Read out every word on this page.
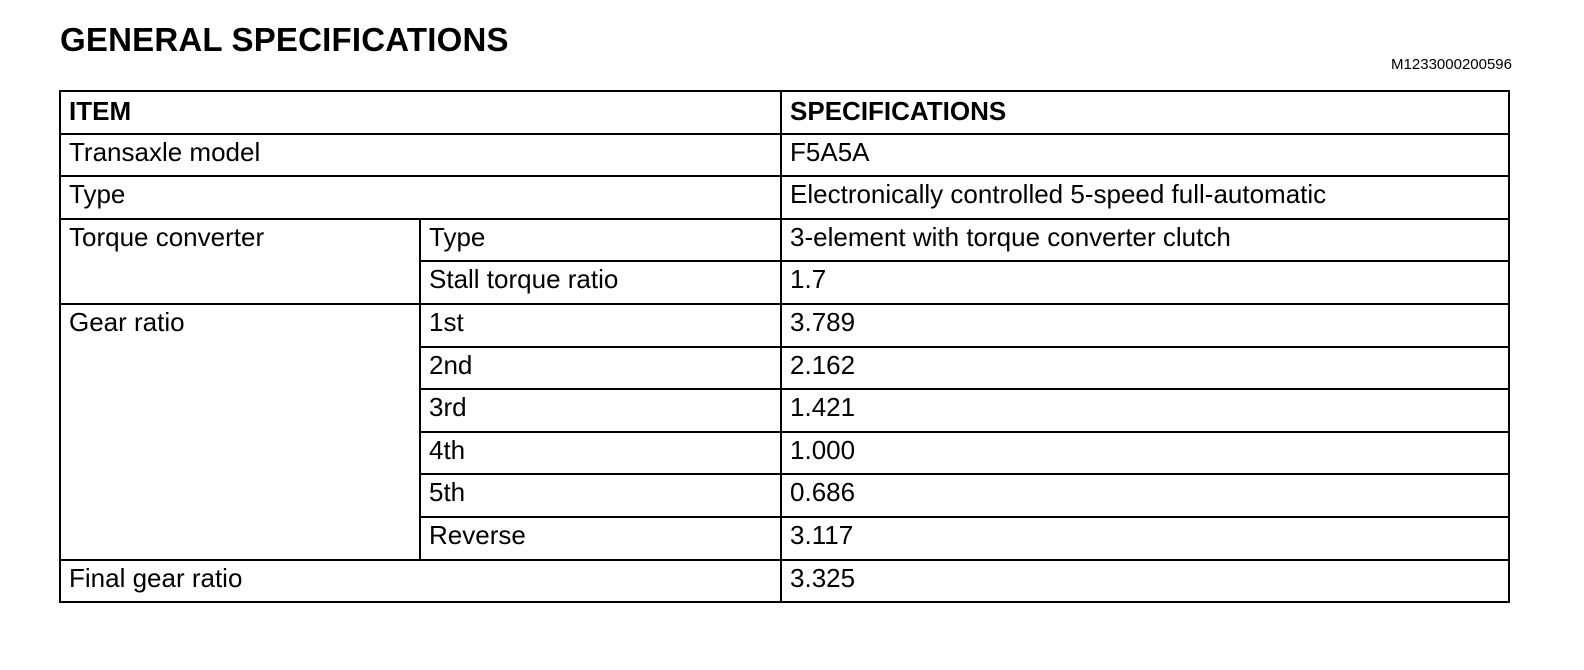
GENERAL SPECIFICATIONS
M1233000200596
ITEM		SPECIFICATIONS
Transaxle model		F5A5A
Type		Electronically controlled 5-speed full-automatic
Torque converter	Type	3-element with torque converter clutch
	Stall torque ratio	1.7
Gear ratio	1st	3.789
	2nd	2.162
	3rd	1.421
	4th	1.000
	5th	0.686
	Reverse	3.117
Final gear ratio		3.325
